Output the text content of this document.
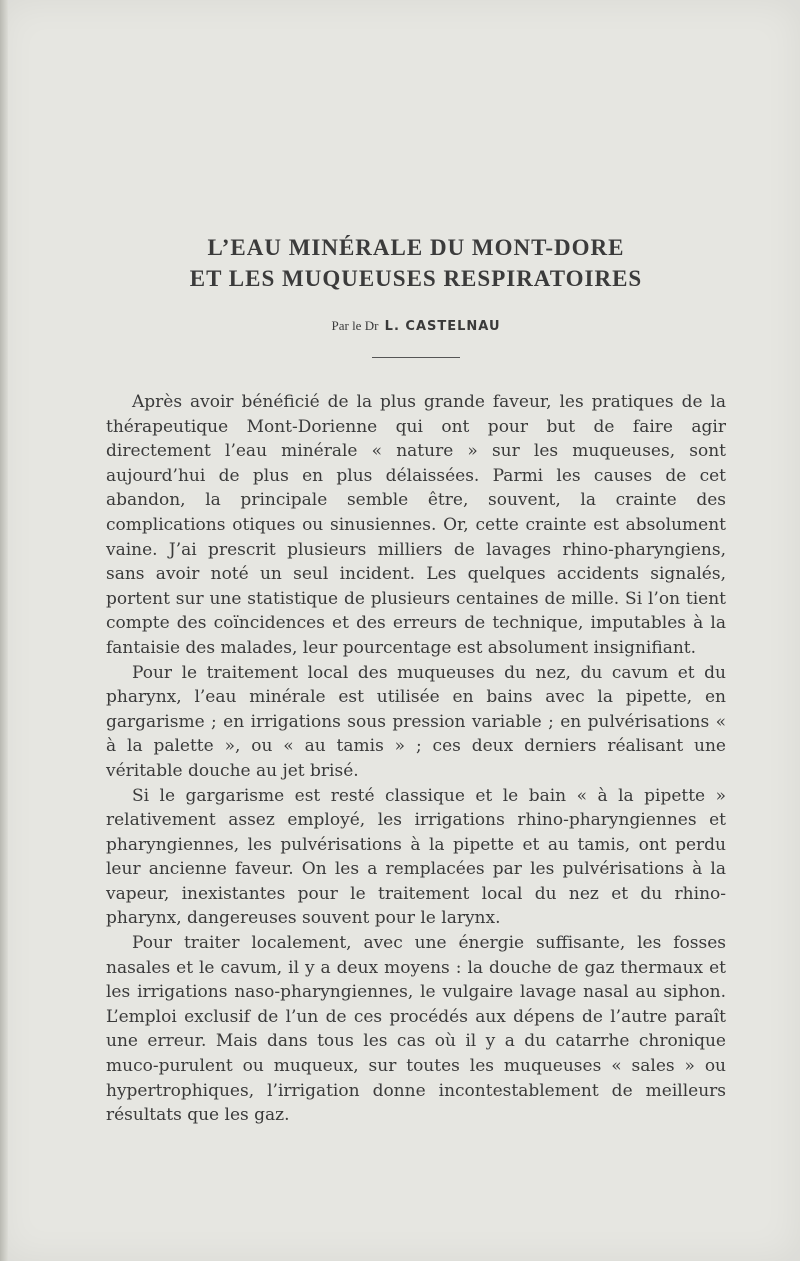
L’EAU MINÉRALE DU MONT-DORE
ET LES MUQUEUSES RESPIRATOIRES
Par le Dr L. CASTELNAU

Après avoir bénéficié de la plus grande faveur, les pratiques de la thérapeutique Mont-Dorienne qui ont pour but de faire agir directement l’eau minérale « nature » sur les muqueuses, sont aujourd’hui de plus en plus délaissées. Parmi les causes de cet abandon, la principale semble être, souvent, la crainte des complications otiques ou sinusiennes. Or, cette crainte est absolument vaine. J’ai prescrit plusieurs milliers de lavages rhino-pharyngiens, sans avoir noté un seul incident. Les quelques accidents signalés, portent sur une statistique de plusieurs centaines de mille. Si l’on tient compte des coïncidences et des erreurs de technique, imputables à la fantaisie des malades, leur pourcentage est absolument insignifiant.

Pour le traitement local des muqueuses du nez, du cavum et du pharynx, l’eau minérale est utilisée en bains avec la pipette, en gargarisme ; en irrigations sous pression variable ; en pulvérisations « à la palette », ou « au tamis » ; ces deux derniers réalisant une véritable douche au jet brisé.

Si le gargarisme est resté classique et le bain « à la pipette » relativement assez employé, les irrigations rhino-pharyngiennes et pharyngiennes, les pulvérisations à la pipette et au tamis, ont perdu leur ancienne faveur. On les a remplacées par les pulvérisations à la vapeur, inexistantes pour le traitement local du nez et du rhino-pharynx, dangereuses souvent pour le larynx.

Pour traiter localement, avec une énergie suffisante, les fosses nasales et le cavum, il y a deux moyens : la douche de gaz thermaux et les irrigations naso-pharyngiennes, le vulgaire lavage nasal au siphon. L’emploi exclusif de l’un de ces procédés aux dépens de l’autre paraît une erreur. Mais dans tous les cas où il y a du catarrhe chronique muco-purulent ou muqueux, sur toutes les muqueuses « sales » ou hypertrophiques, l’irrigation donne incontestablement de meilleurs résultats que les gaz.
